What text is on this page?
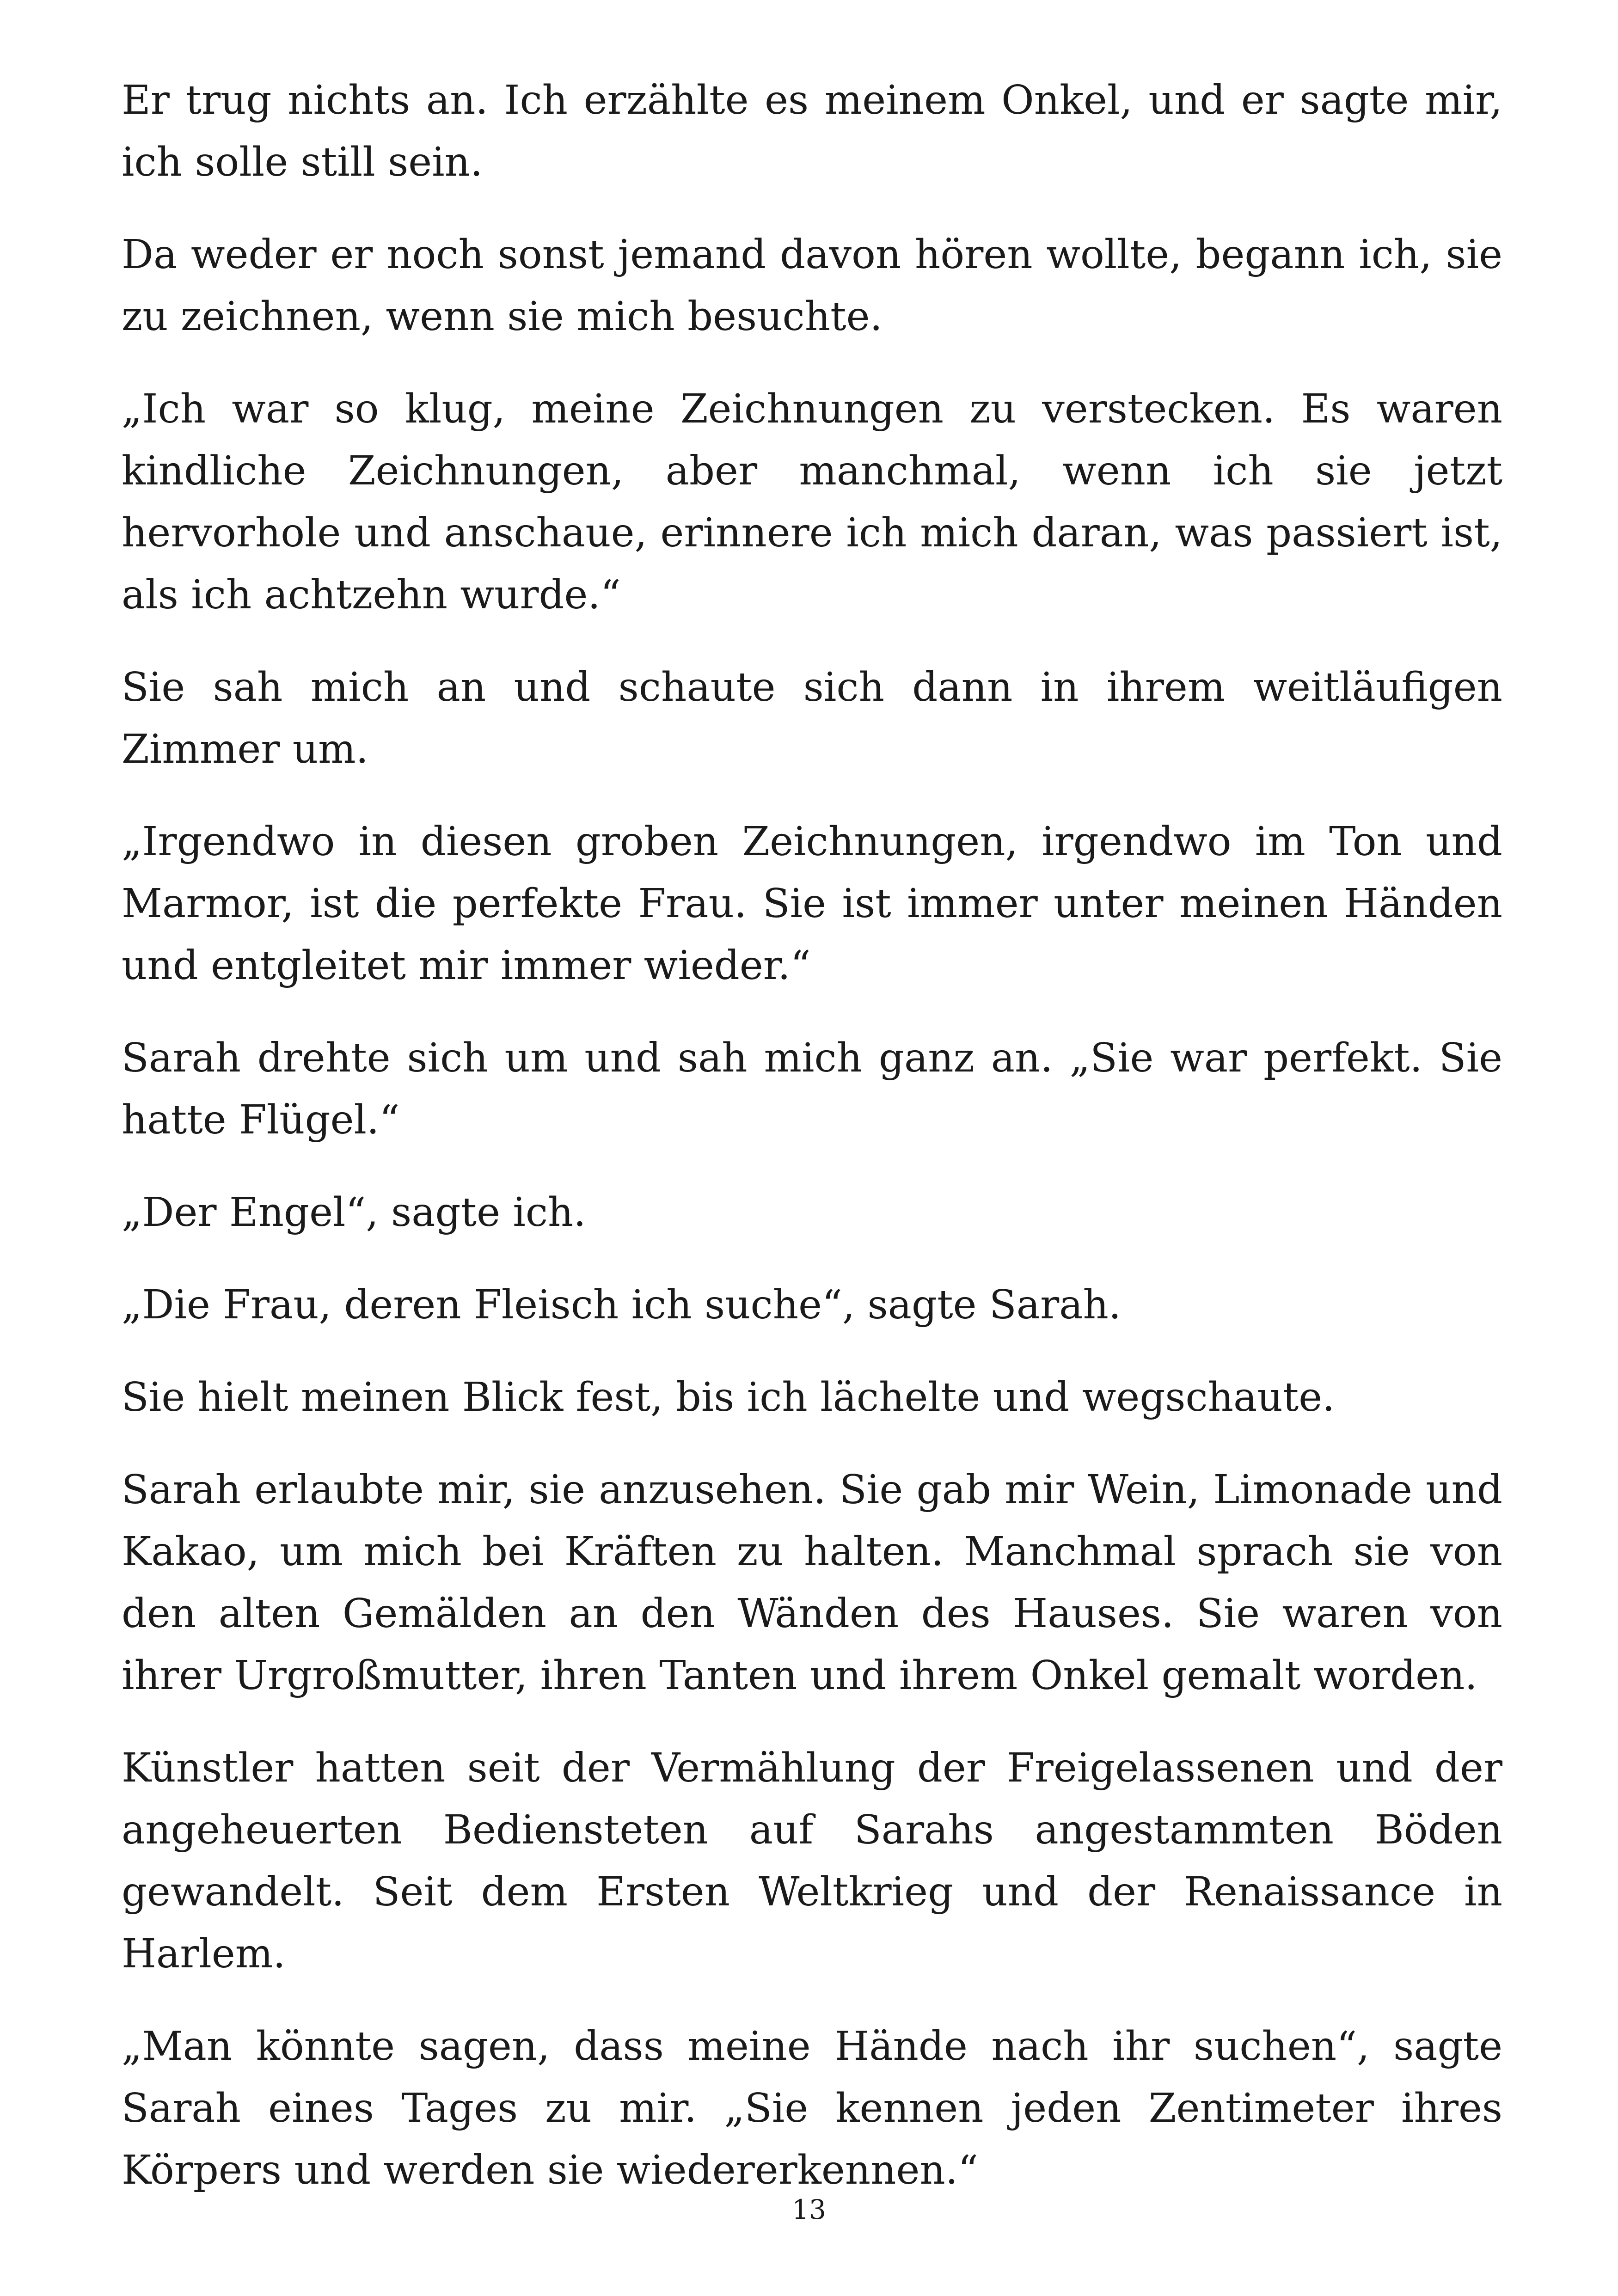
Er trug nichts an. Ich erzählte es meinem Onkel, und er sagte mir, ich solle still sein.

Da weder er noch sonst jemand davon hören wollte, begann ich, sie zu zeichnen, wenn sie mich besuchte.

„Ich war so klug, meine Zeichnungen zu verstecken. Es waren kindliche Zeichnungen, aber manchmal, wenn ich sie jetzt hervorhole und anschaue, erinnere ich mich daran, was passiert ist, als ich achtzehn wurde.“

Sie sah mich an und schaute sich dann in ihrem weitläufigen Zimmer um.

„Irgendwo in diesen groben Zeichnungen, irgendwo im Ton und Marmor, ist die perfekte Frau. Sie ist immer unter meinen Händen und entgleitet mir immer wieder.“

Sarah drehte sich um und sah mich ganz an. „Sie war perfekt. Sie hatte Flügel.“

„Der Engel“, sagte ich.

„Die Frau, deren Fleisch ich suche“, sagte Sarah.

Sie hielt meinen Blick fest, bis ich lächelte und wegschaute.

Sarah erlaubte mir, sie anzusehen. Sie gab mir Wein, Limonade und Kakao, um mich bei Kräften zu halten. Manchmal sprach sie von den alten Gemälden an den Wänden des Hauses. Sie waren von ihrer Urgroßmutter, ihren Tanten und ihrem Onkel gemalt worden.

Künstler hatten seit der Vermählung der Freigelassenen und der angeheuerten Bediensteten auf Sarahs angestammten Böden gewandelt. Seit dem Ersten Weltkrieg und der Renaissance in Harlem.

„Man könnte sagen, dass meine Hände nach ihr suchen“, sagte Sarah eines Tages zu mir. „Sie kennen jeden Zentimeter ihres Körpers und werden sie wiedererkennen.“

13
